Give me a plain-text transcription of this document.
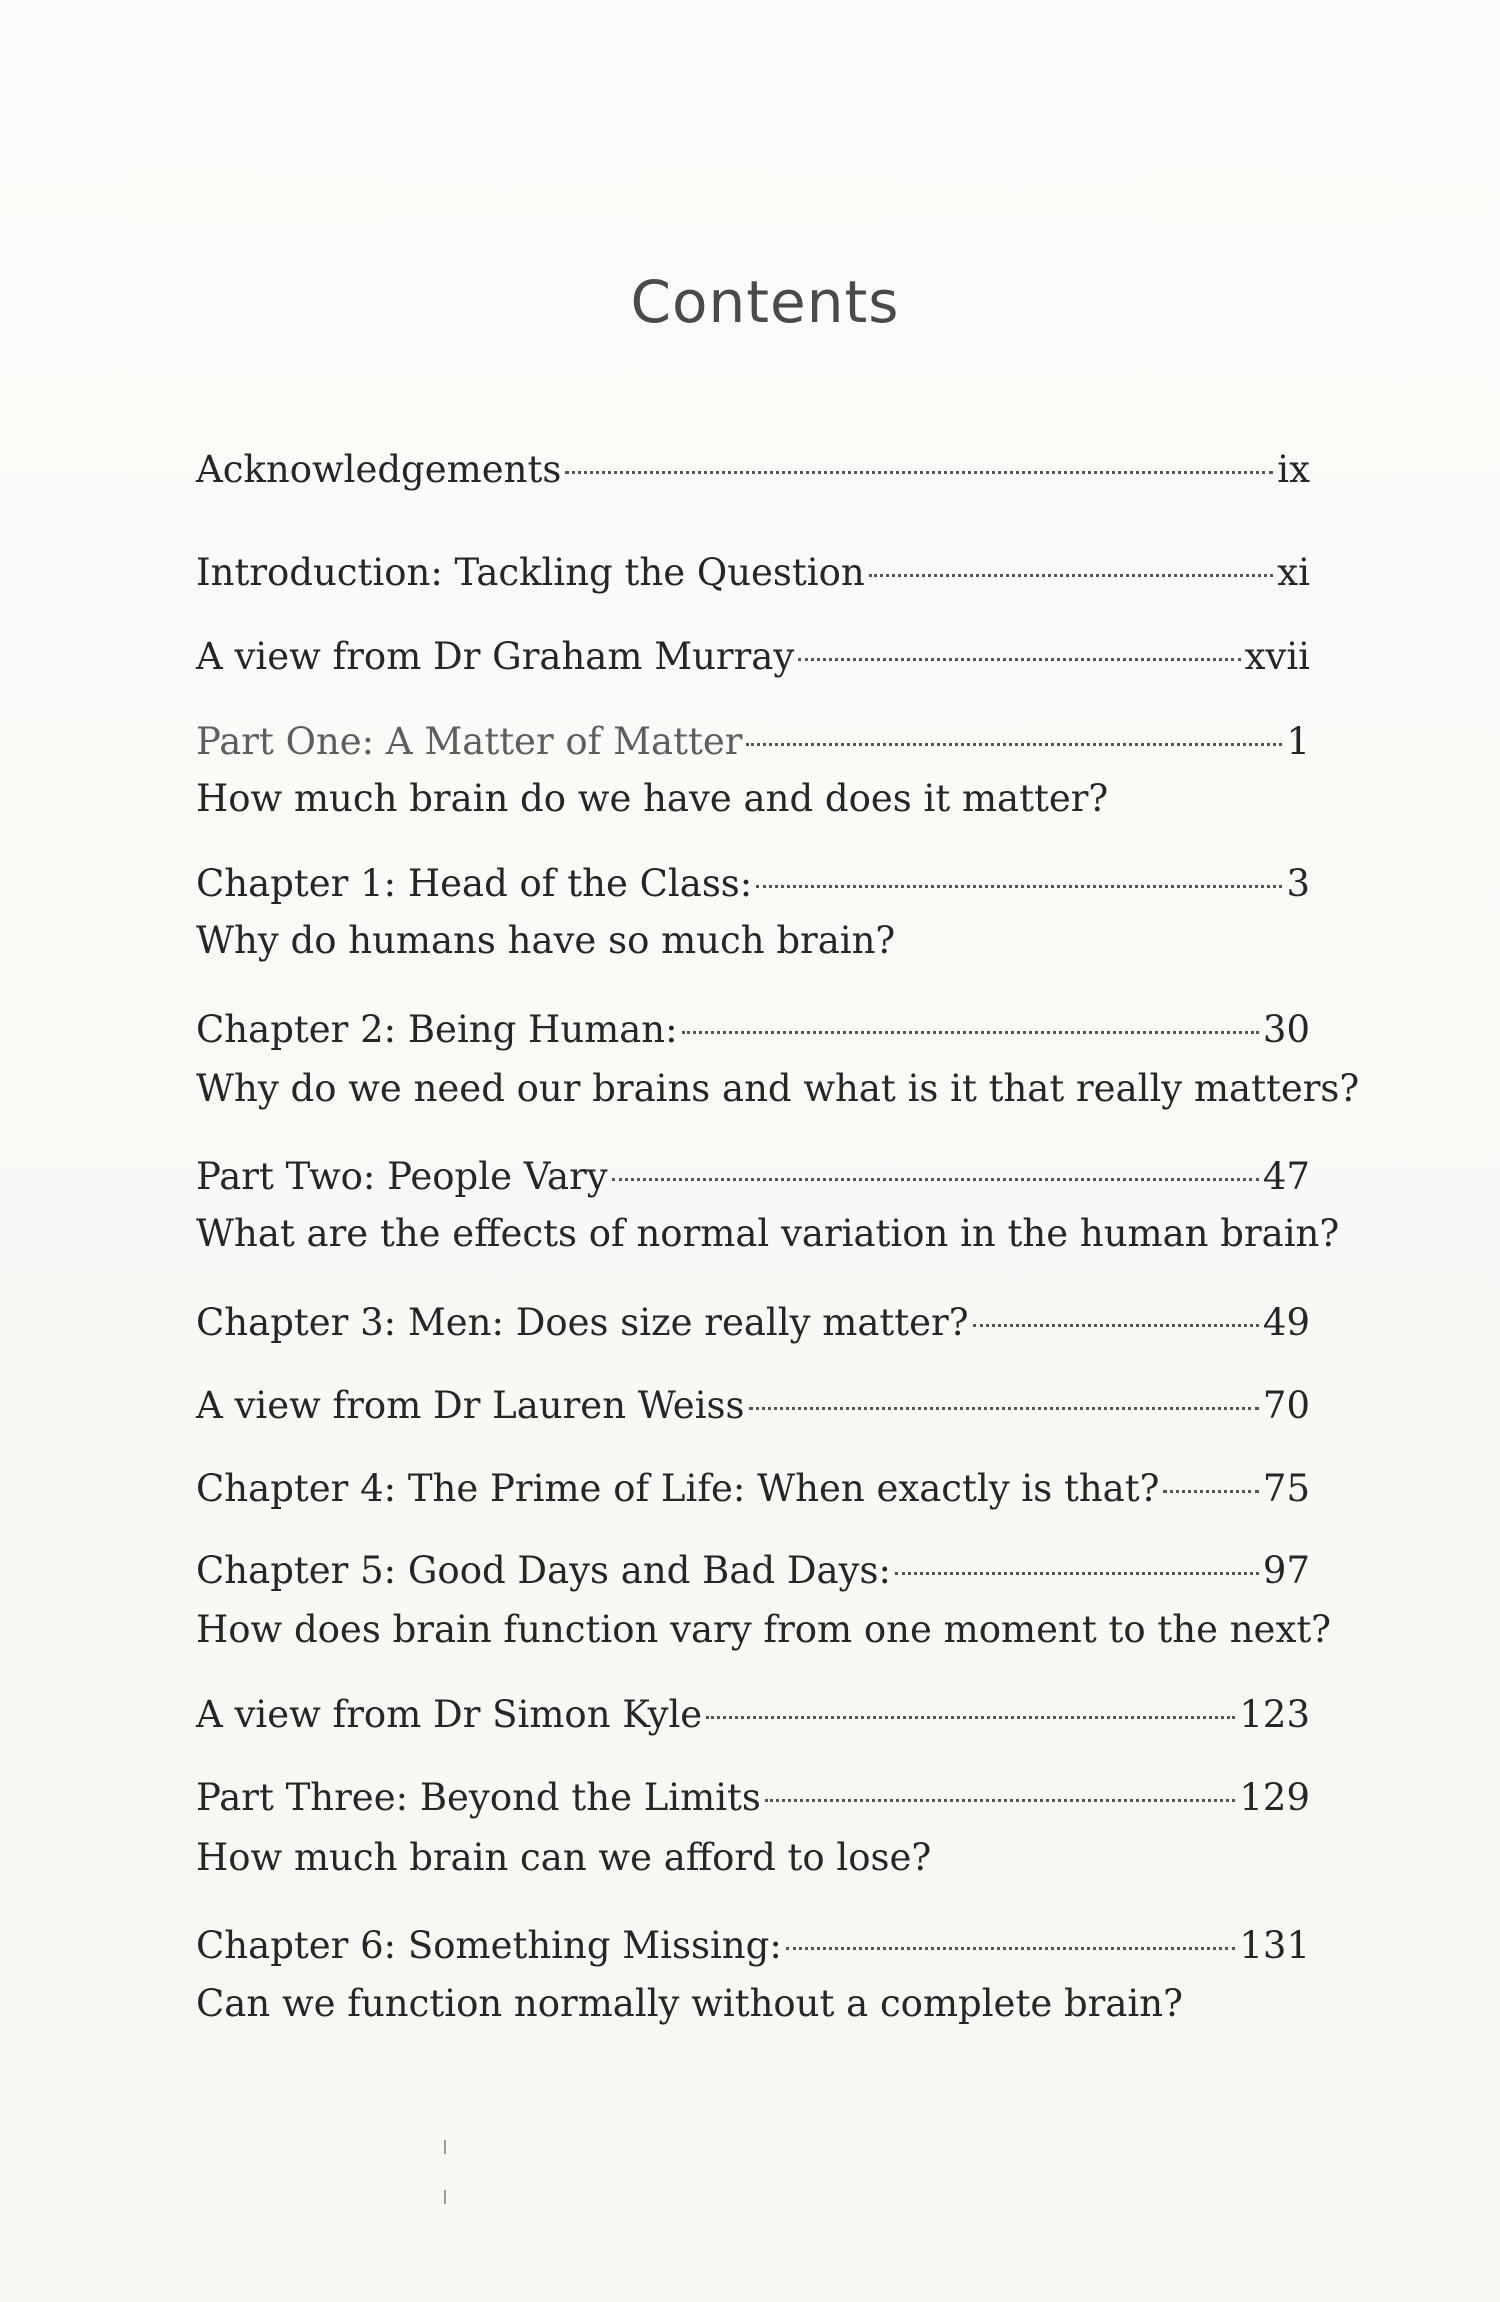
Contents
Acknowledgements	ix
Introduction: Tackling the Question	xi
A view from Dr Graham Murray	xvii
Part One: A Matter of Matter	1
How much brain do we have and does it matter?
Chapter 1: Head of the Class:	3
Why do humans have so much brain?
Chapter 2: Being Human:	30
Why do we need our brains and what is it that really matters?
Part Two: People Vary	47
What are the effects of normal variation in the human brain?
Chapter 3: Men: Does size really matter?	49
A view from Dr Lauren Weiss	70
Chapter 4: The Prime of Life: When exactly is that?	75
Chapter 5: Good Days and Bad Days:	97
How does brain function vary from one moment to the next?
A view from Dr Simon Kyle	123
Part Three: Beyond the Limits	129
How much brain can we afford to lose?
Chapter 6: Something Missing:	131
Can we function normally without a complete brain?
